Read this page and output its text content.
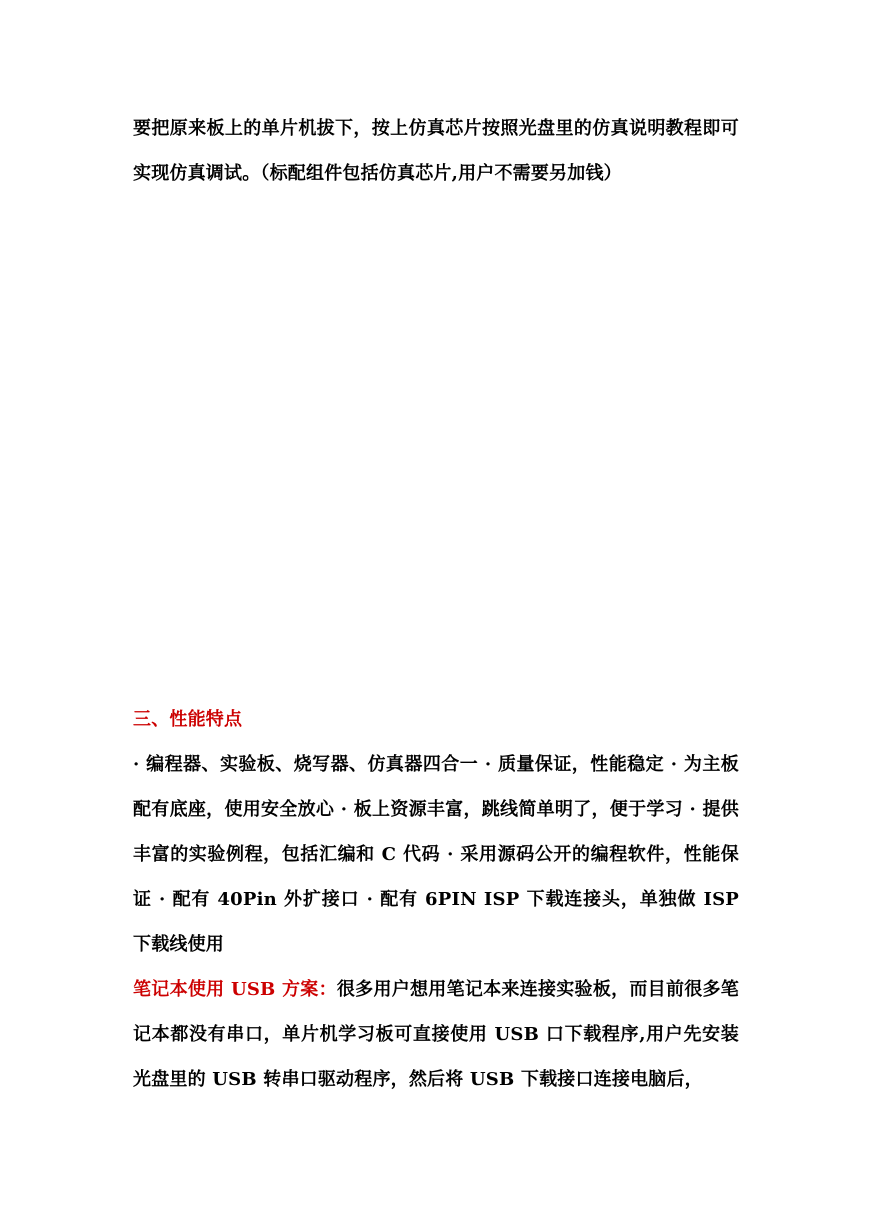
要把原来板上的单片机拔下，按上仿真芯片按照光盘里的仿真说明教程即可实现仿真调试。（标配组件包括仿真芯片,用户不需要另加钱）

三、性能特点

· 编程器、实验板、烧写器、仿真器四合一 · 质量保证，性能稳定 · 为主板配有底座，使用安全放心 · 板上资源丰富，跳线简单明了，便于学习 · 提供丰富的实验例程，包括汇编和 C 代码 · 采用源码公开的编程软件，性能保证 · 配有 40Pin 外扩接口 · 配有 6PIN ISP 下载连接头，单独做 ISP 下载线使用

笔记本使用 USB 方案：很多用户想用笔记本来连接实验板，而目前很多笔记本都没有串口，单片机学习板可直接使用 USB 口下载程序,用户先安装光盘里的 USB 转串口驱动程序，然后将 USB 下载接口连接电脑后，
